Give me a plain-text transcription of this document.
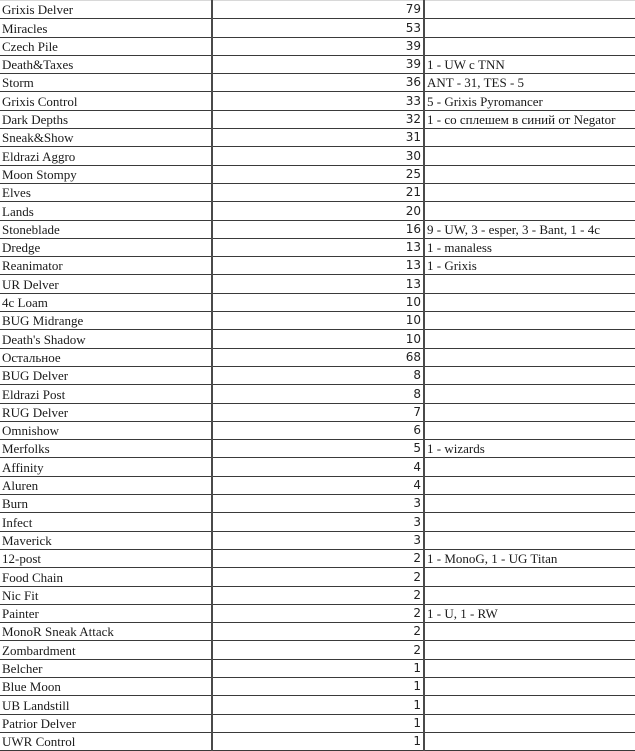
Grixis Delver	79	
Miracles	53	
Czech Pile	39	
Death&Taxes	39	1 - UW с TNN
Storm	36	ANT - 31, TES - 5
Grixis Control	33	5 - Grixis Pyromancer
Dark Depths	32	1 - со сплешем в синий от Negator
Sneak&Show	31	
Eldrazi Aggro	30	
Moon Stompy	25	
Elves	21	
Lands	20	
Stoneblade	16	9 - UW, 3 - esper, 3 - Bant, 1 - 4c
Dredge	13	1 - manaless
Reanimator	13	1 - Grixis
UR Delver	13	
4c Loam	10	
BUG Midrange	10	
Death's Shadow	10	
Остальное	68	
BUG Delver	8	
Eldrazi Post	8	
RUG Delver	7	
Omnishow	6	
Merfolks	5	1 - wizards
Affinity	4	
Aluren	4	
Burn	3	
Infect	3	
Maverick	3	
12-post	2	1 - MonoG, 1 - UG Titan
Food Chain	2	
Nic Fit	2	
Painter	2	1 - U, 1 - RW
MonoR Sneak Attack	2	
Zombardment	2	
Belcher	1	
Blue Moon	1	
UB Landstill	1	
Patrior Delver	1	
UWR Control	1	
